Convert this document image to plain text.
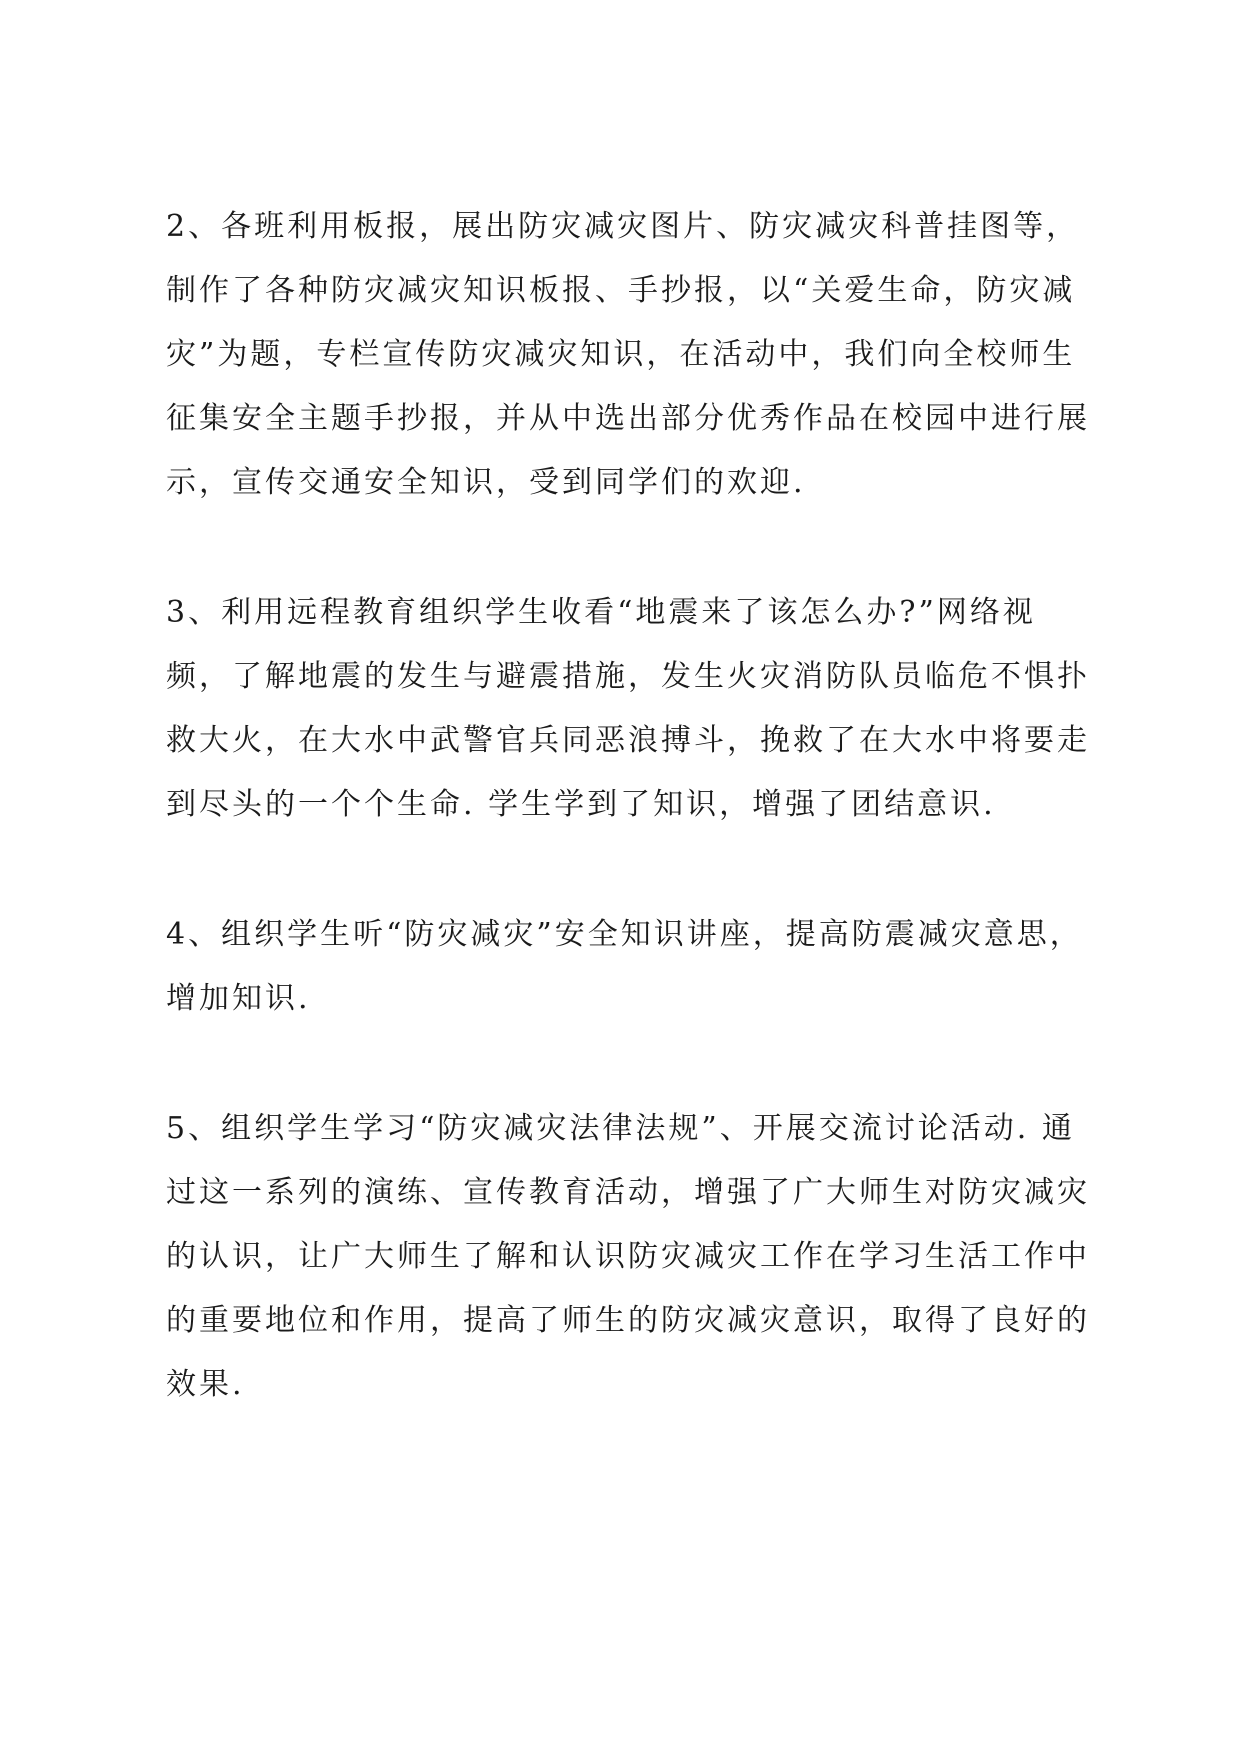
2、各班利用板报，展出防灾减灾图片、防灾减灾科普挂图等，制作了各种防灾减灾知识板报、手抄报，以“关爱生命，防灾减灾”为题，专栏宣传防灾减灾知识，在活动中，我们向全校师生征集安全主题手抄报，并从中选出部分优秀作品在校园中进行展示，宣传交通安全知识，受到同学们的欢迎.

3、利用远程教育组织学生收看“地震来了该怎么办?”网络视频，了解地震的发生与避震措施，发生火灾消防队员临危不惧扑救大火，在大水中武警官兵同恶浪搏斗，挽救了在大水中将要走到尽头的一个个生命. 学生学到了知识，增强了团结意识.

4、组织学生听“防灾减灾”安全知识讲座，提高防震减灾意思，增加知识.

5、组织学生学习“防灾减灾法律法规”、开展交流讨论活动. 通过这一系列的演练、宣传教育活动，增强了广大师生对防灾减灾的认识，让广大师生了解和认识防灾减灾工作在学习生活工作中的重要地位和作用，提高了师生的防灾减灾意识，取得了良好的效果.
